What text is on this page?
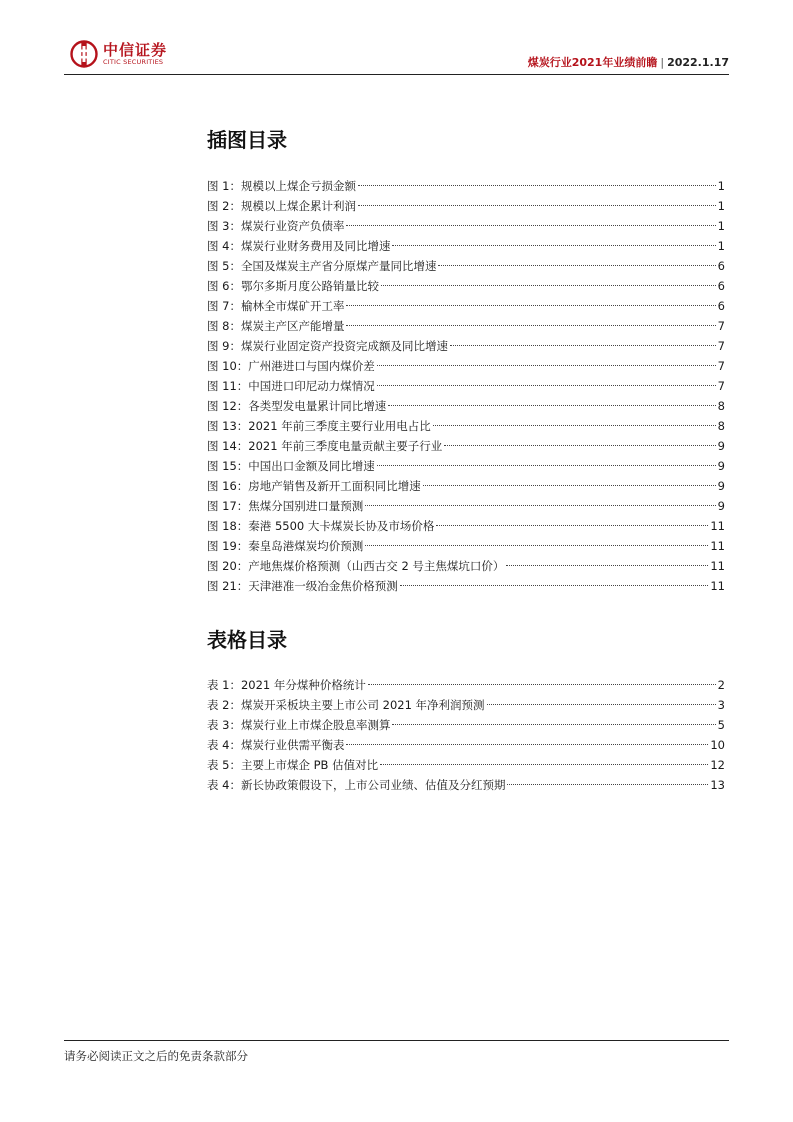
中信证券
CITIC SECURITIES	煤炭行业2021年业绩前瞻 | 2022.1.17
插图目录
图 1：规模以上煤企亏损金额	1
图 2：规模以上煤企累计利润	1
图 3：煤炭行业资产负债率	1
图 4：煤炭行业财务费用及同比增速	1
图 5：全国及煤炭主产省分原煤产量同比增速	6
图 6：鄂尔多斯月度公路销量比较	6
图 7：榆林全市煤矿开工率	6
图 8：煤炭主产区产能增量	7
图 9：煤炭行业固定资产投资完成额及同比增速	7
图 10：广州港进口与国内煤价差	7
图 11：中国进口印尼动力煤情况	7
图 12：各类型发电量累计同比增速	8
图 13：2021 年前三季度主要行业用电占比	8
图 14：2021 年前三季度电量贡献主要子行业	9
图 15：中国出口金额及同比增速	9
图 16：房地产销售及新开工面积同比增速	9
图 17：焦煤分国别进口量预测	9
图 18：秦港 5500 大卡煤炭长协及市场价格	11
图 19：秦皇岛港煤炭均价预测	11
图 20：产地焦煤价格预测（山西古交 2 号主焦煤坑口价）	11
图 21：天津港准一级冶金焦价格预测	11
表格目录
表 1：2021 年分煤种价格统计	2
表 2：煤炭开采板块主要上市公司 2021 年净利润预测	3
表 3：煤炭行业上市煤企股息率测算	5
表 4：煤炭行业供需平衡表	10
表 5：主要上市煤企 PB 估值对比	12
表 4：新长协政策假设下，上市公司业绩、估值及分红预期	13
请务必阅读正文之后的免责条款部分
